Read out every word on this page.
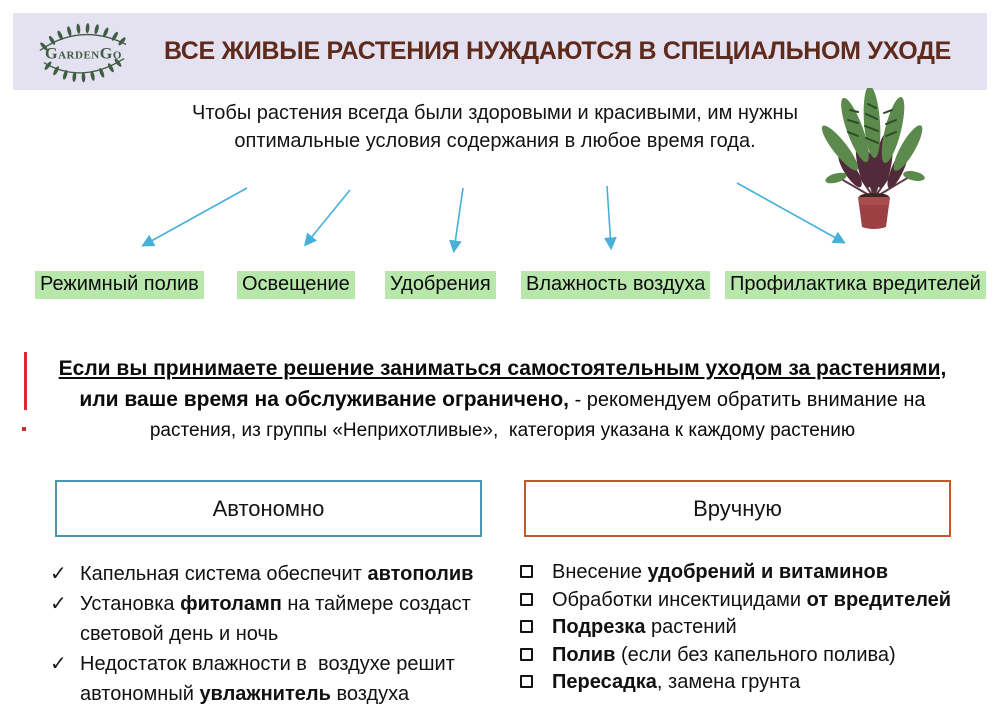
GardenGo	ВСЕ ЖИВЫЕ РАСТЕНИЯ НУЖДАЮТСЯ В СПЕЦИАЛЬНОМ УХОДЕ
Чтобы растения всегда были здоровыми и красивыми, им нужны
оптимальные условия содержания в любое время года.
Режимный полив Освещение Удобрения Влажность воздуха Профилактика вредителей
Если вы принимаете решение заниматься самостоятельным уходом за растениями,
или ваше время на обслуживание ограничено, - рекомендуем обратить внимание на
растения, из группы «Неприхотливые»,  категория указана к каждому растению
Автономно	Вручную
✓ Капельная система обеспечит автополив
✓ Установка фитоламп на таймере создаст световой день и ночь
✓ Недостаток влажности в  воздухе решит автономный увлажнитель воздуха
Внесение удобрений и витаминов
Обработки инсектицидами от вредителей
Подрезка растений
Полив (если без капельного полива)
Пересадка, замена грунта
